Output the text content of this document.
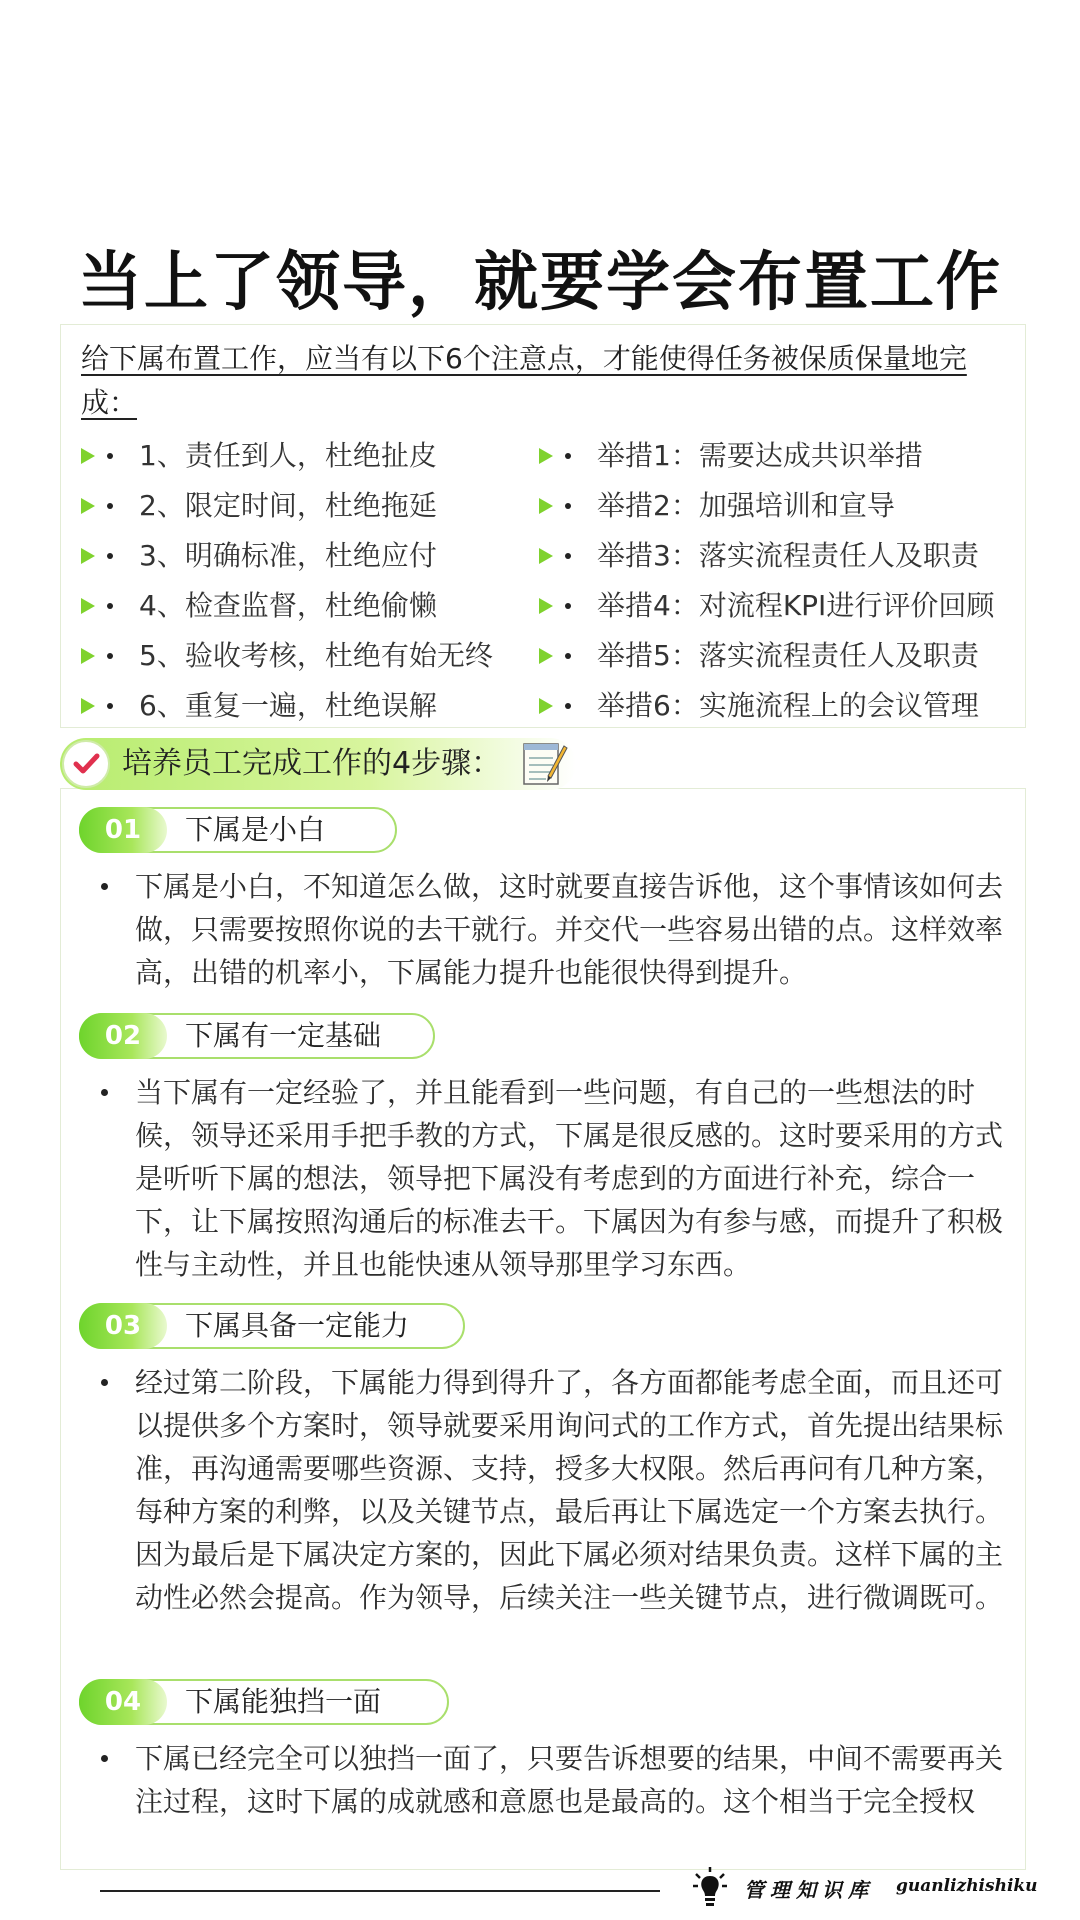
当上了领导，就要学会布置工作
给下属布置工作，应当有以下6个注意点，才能使得任务被保质保量地完成：
1、责任到人，杜绝扯皮
2、限定时间，杜绝拖延
3、明确标准，杜绝应付
4、检查监督，杜绝偷懒
5、验收考核，杜绝有始无终
6、重复一遍，杜绝误解
举措1：需要达成共识举措
举措2：加强培训和宣导
举措3：落实流程责任人及职责
举措4：对流程KPI进行评价回顾
举措5：落实流程责任人及职责
举措6：实施流程上的会议管理
01	下属是小白
下属是小白，不知道怎么做，这时就要直接告诉他，这个事情该如何去做，只需要按照你说的去干就行。并交代一些容易出错的点。这样效率高，出错的机率小，下属能力提升也能很快得到提升。
02	下属有一定基础
当下属有一定经验了，并且能看到一些问题，有自己的一些想法的时候，领导还采用手把手教的方式，下属是很反感的。这时要采用的方式是听听下属的想法，领导把下属没有考虑到的方面进行补充，综合一下，让下属按照沟通后的标准去干。下属因为有参与感，而提升了积极性与主动性，并且也能快速从领导那里学习东西。
03	下属具备一定能力
经过第二阶段，下属能力得到得升了，各方面都能考虑全面，而且还可以提供多个方案时，领导就要采用询问式的工作方式，首先提出结果标准，再沟通需要哪些资源、支持，授多大权限。然后再问有几种方案，每种方案的利弊，以及关键节点，最后再让下属选定一个方案去执行。因为最后是下属决定方案的，因此下属必须对结果负责。这样下属的主动性必然会提高。作为领导，后续关注一些关键节点，进行微调既可。
04	下属能独挡一面
下属已经完全可以独挡一面了，只要告诉想要的结果，中间不需要再关注过程，这时下属的成就感和意愿也是最高的。这个相当于完全授权
培养员工完成工作的4步骤：
管理知识库 guanlizhishiku
